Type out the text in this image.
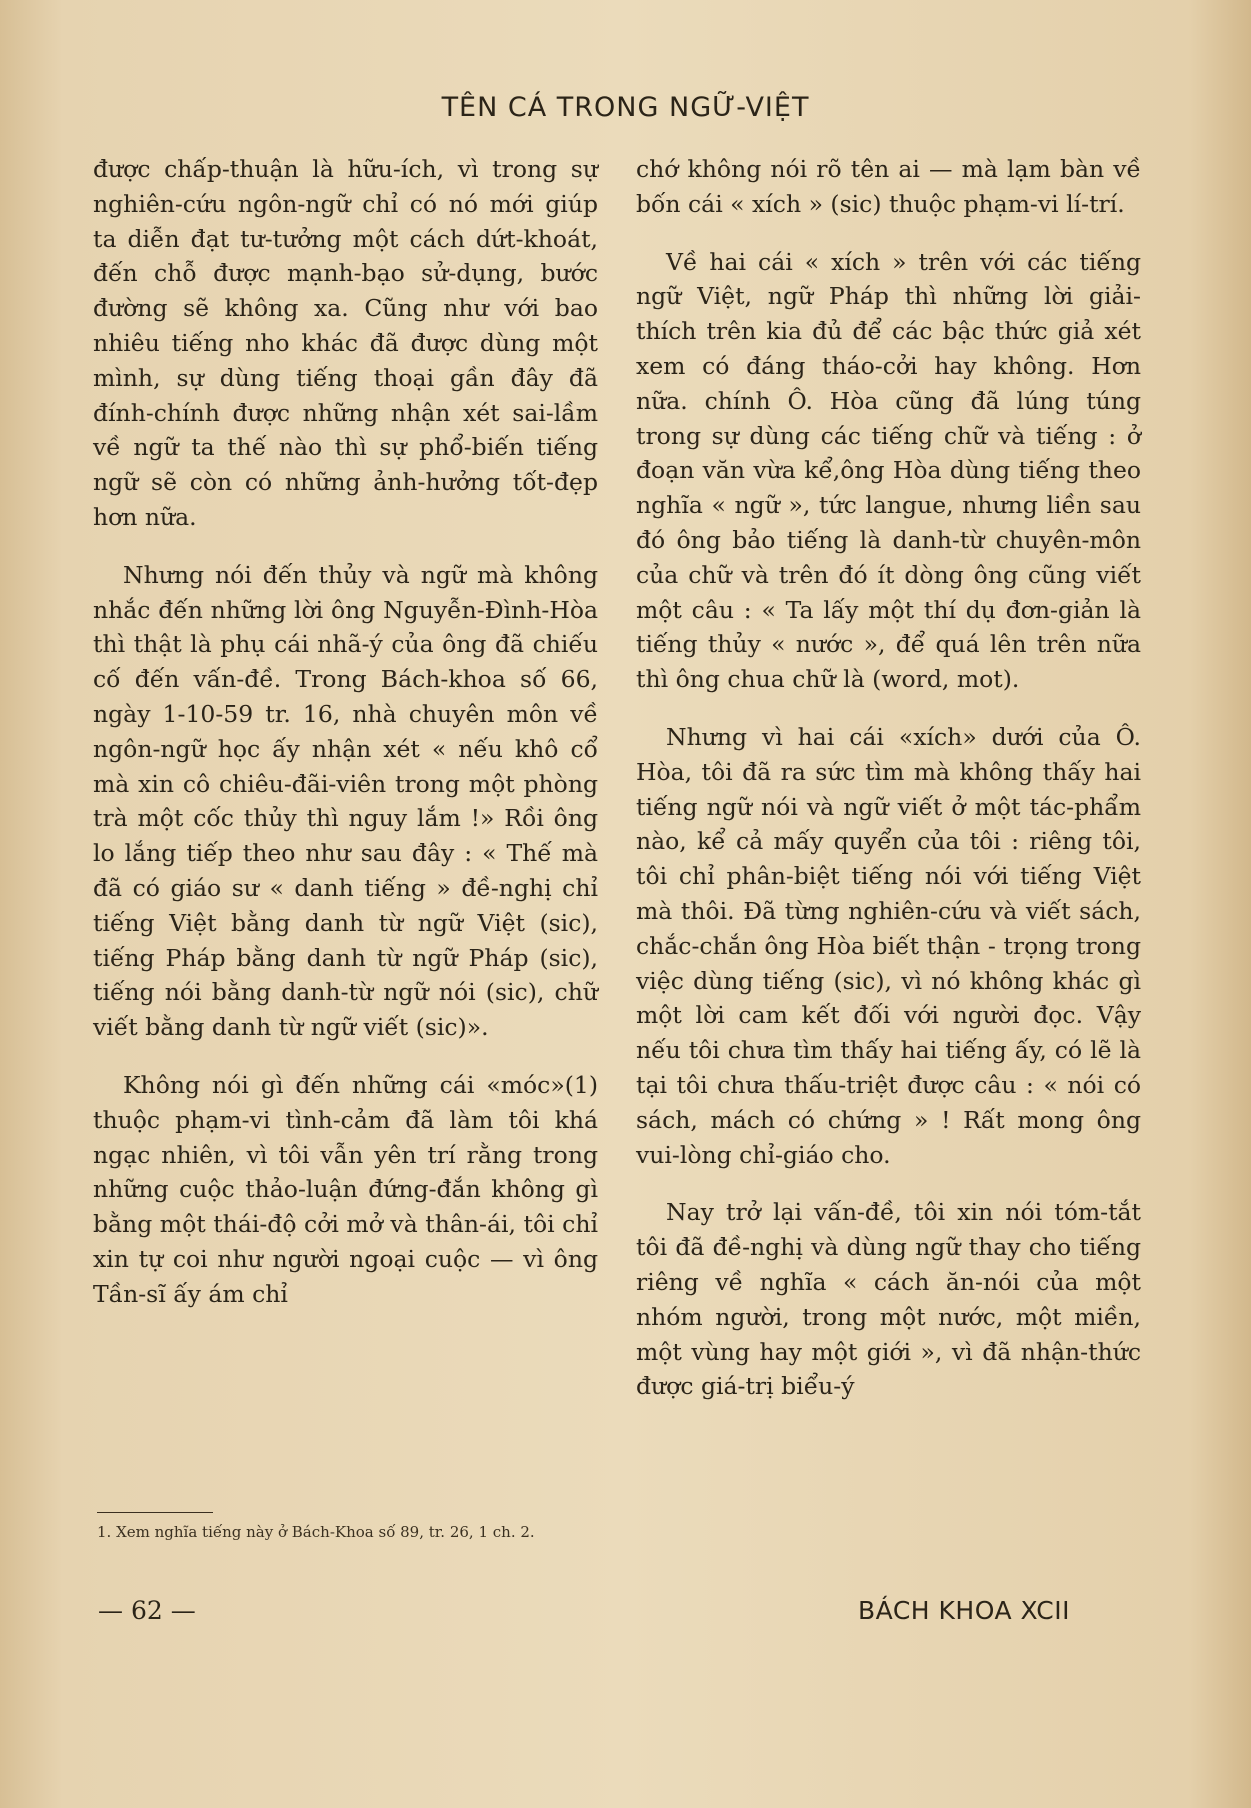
TÊN CÁ TRONG NGỮ-VIỆT

được chấp-thuận là hữu-ích, vì trong sự nghiên-cứu ngôn-ngữ chỉ có nó mới giúp ta diễn đạt tư-tưởng một cách dứt-khoát, đến chỗ được mạnh-bạo sử-dụng, bước đường sẽ không xa. Cũng như với bao nhiêu tiếng nho khác đã được dùng một mình, sự dùng tiếng thoại gần đây đã đính-chính được những nhận xét sai-lầm về ngữ ta thế nào thì sự phổ-biến tiếng ngữ sẽ còn có những ảnh-hưởng tốt-đẹp hơn nữa.

Nhưng nói đến thủy và ngữ mà không nhắc đến những lời ông Nguyễn-Đình-Hòa thì thật là phụ cái nhã-ý của ông đã chiếu cố đến vấn-đề. Trong Bách-khoa số 66, ngày 1-10-59 tr. 16, nhà chuyên môn về ngôn-ngữ học ấy nhận xét « nếu khô cổ mà xin cô chiêu-đãi-viên trong một phòng trà một cốc thủy thì nguy lắm !» Rồi ông lo lắng tiếp theo như sau đây : « Thế mà đã có giáo sư « danh tiếng » đề-nghị chỉ tiếng Việt bằng danh từ ngữ Việt (sic), tiếng Pháp bằng danh từ ngữ Pháp (sic), tiếng nói bằng danh-từ ngữ nói (sic), chữ viết bằng danh từ ngữ viết (sic)».

Không nói gì đến những cái «móc»(1) thuộc phạm-vi tình-cảm đã làm tôi khá ngạc nhiên, vì tôi vẫn yên trí rằng trong những cuộc thảo-luận đứng-đắn không gì bằng một thái-độ cởi mở và thân-ái, tôi chỉ xin tự coi như người ngoại cuộc — vì ông Tần-sĩ ấy ám chỉ

chớ không nói rõ tên ai — mà lạm bàn về bốn cái « xích » (sic) thuộc phạm-vi lí-trí.

Về hai cái « xích » trên với các tiếng ngữ Việt, ngữ Pháp thì những lời giải-thích trên kia đủ để các bậc thức giả xét xem có đáng tháo-cởi hay không. Hơn nữa. chính Ô. Hòa cũng đã lúng túng trong sự dùng các tiếng chữ và tiếng : ở đoạn văn vừa kể,ông Hòa dùng tiếng theo nghĩa « ngữ », tức langue, nhưng liền sau đó ông bảo tiếng là danh-từ chuyên-môn của chữ và trên đó ít dòng ông cũng viết một câu : « Ta lấy một thí dụ đơn-giản là tiếng thủy « nước », để quá lên trên nữa thì ông chua chữ là (word, mot).

Nhưng vì hai cái «xích» dưới của Ô. Hòa, tôi đã ra sức tìm mà không thấy hai tiếng ngữ nói và ngữ viết ở một tác-phẩm nào, kể cả mấy quyển của tôi : riêng tôi, tôi chỉ phân-biệt tiếng nói với tiếng Việt mà thôi. Đã từng nghiên-cứu và viết sách, chắc-chắn ông Hòa biết thận - trọng trong việc dùng tiếng (sic), vì nó không khác gì một lời cam kết đối với người đọc. Vậy nếu tôi chưa tìm thấy hai tiếng ấy, có lẽ là tại tôi chưa thấu-triệt được câu : « nói có sách, mách có chứng » ! Rất mong ông vui-lòng chỉ-giáo cho.

Nay trở lại vấn-đề, tôi xin nói tóm-tắt tôi đã đề-nghị và dùng ngữ thay cho tiếng riêng về nghĩa « cách ăn-nói của một nhóm người, trong một nước, một miền, một vùng hay một giới », vì đã nhận-thức được giá-trị biểu-ý

1. Xem nghĩa tiếng này ở Bách-Khoa số 89, tr. 26, 1 ch. 2.
— 62 —	BÁCH KHOA XCII
